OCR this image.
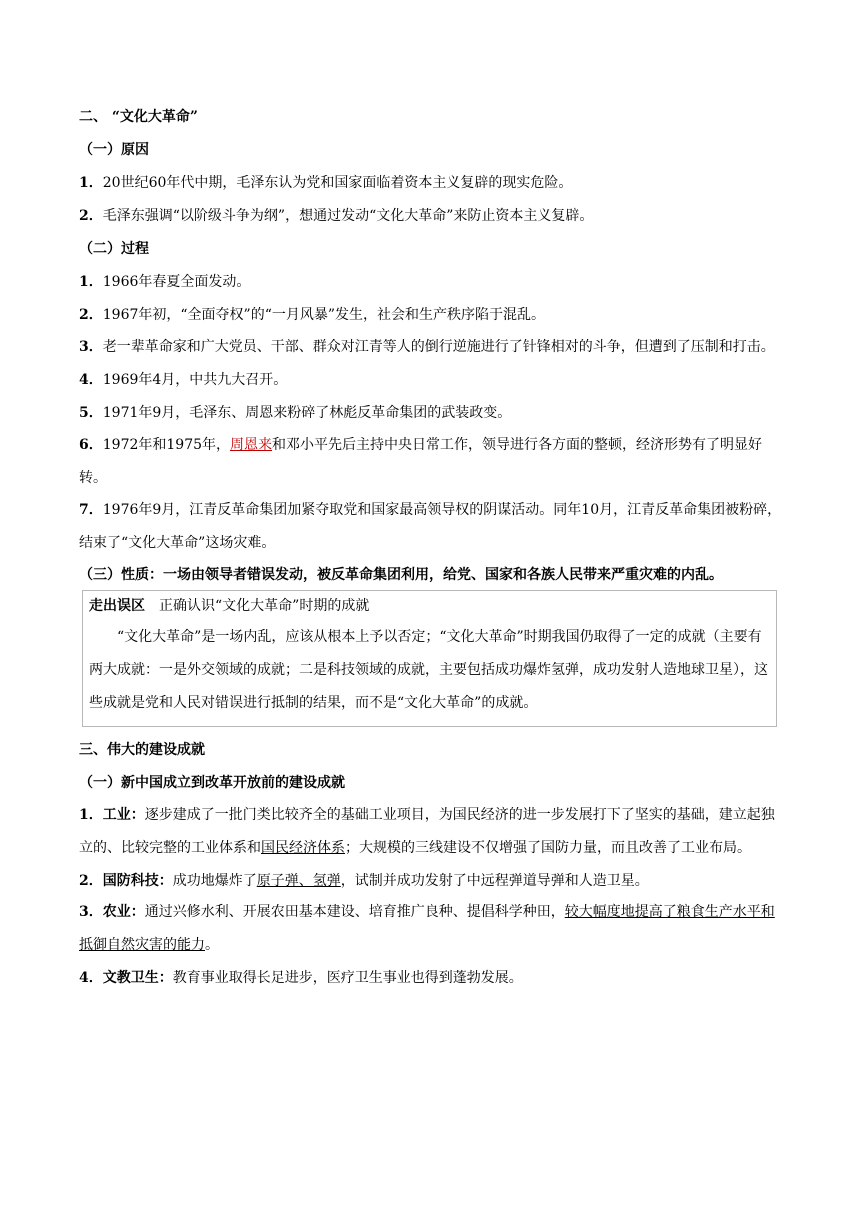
二、 “文化大革命”

（一）原因

1．20世纪60年代中期，毛泽东认为党和国家面临着资本主义复辟的现实危险。

2．毛泽东强调“以阶级斗争为纲”，想通过发动“文化大革命”来防止资本主义复辟。

（二）过程

1．1966年春夏全面发动。

2．1967年初，“全面夺权”的“一月风暴”发生，社会和生产秩序陷于混乱。

3．老一辈革命家和广大党员、干部、群众对江青等人的倒行逆施进行了针锋相对的斗争，但遭到了压制和打击。

4．1969年4月，中共九大召开。

5．1971年9月，毛泽东、周恩来粉碎了林彪反革命集团的武装政变。

6．1972年和1975年，周恩来和邓小平先后主持中央日常工作，领导进行各方面的整顿，经济形势有了明显好转。

7．1976年9月，江青反革命集团加紧夺取党和国家最高领导权的阴谋活动。同年10月，江青反革命集团被粉碎，结束了“文化大革命”这场灾难。

（三）性质：一场由领导者错误发动，被反革命集团利用，给党、国家和各族人民带来严重灾难的内乱。

走出误区 正确认识“文化大革命”时期的成就

“文化大革命”是一场内乱，应该从根本上予以否定；“文化大革命”时期我国仍取得了一定的成就（主要有两大成就：一是外交领域的成就；二是科技领域的成就，主要包括成功爆炸氢弹，成功发射人造地球卫星），这些成就是党和人民对错误进行抵制的结果，而不是“文化大革命”的成就。

三、伟大的建设成就

（一）新中国成立到改革开放前的建设成就

1．工业：逐步建成了一批门类比较齐全的基础工业项目，为国民经济的进一步发展打下了坚实的基础，建立起独立的、比较完整的工业体系和国民经济体系；大规模的三线建设不仅增强了国防力量，而且改善了工业布局。

2．国防科技：成功地爆炸了原子弹、氢弹，试制并成功发射了中远程弹道导弹和人造卫星。

3．农业：通过兴修水利、开展农田基本建设、培育推广良种、提倡科学种田，较大幅度地提高了粮食生产水平和抵御自然灾害的能力。

4．文教卫生：教育事业取得长足进步，医疗卫生事业也得到蓬勃发展。
